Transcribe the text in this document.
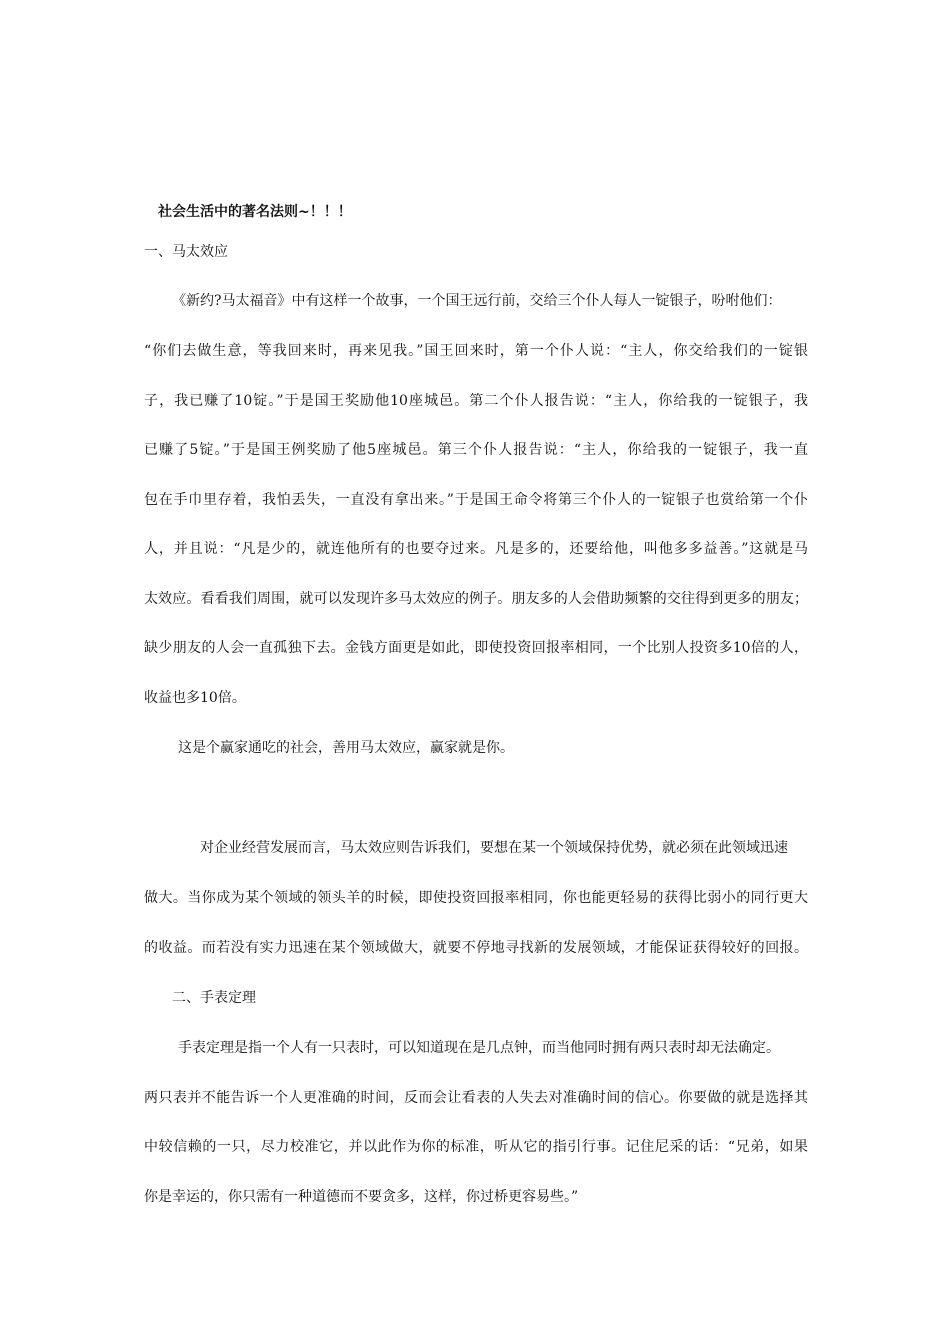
社会生活中的著名法则~！！！
一、马太效应
《新约?马太福音》中有这样一个故事，一个国王远行前，交给三个仆人每人一锭银子，吩咐他们：
“你们去做生意，等我回来时，再来见我。”国王回来时，第一个仆人说：“主人，你交给我们的一锭银
子，我已赚了10锭。”于是国王奖励他10座城邑。第二个仆人报告说：“主人，你给我的一锭银子，我
已赚了5锭。”于是国王例奖励了他5座城邑。第三个仆人报告说：“主人，你给我的一锭银子，我一直
包在手巾里存着，我怕丢失，一直没有拿出来。”于是国王命令将第三个仆人的一锭银子也赏给第一个仆
人，并且说：“凡是少的，就连他所有的也要夺过来。凡是多的，还要给他，叫他多多益善。”这就是马
太效应。看看我们周围，就可以发现许多马太效应的例子。朋友多的人会借助频繁的交往得到更多的朋友；
缺少朋友的人会一直孤独下去。金钱方面更是如此，即使投资回报率相同，一个比别人投资多10倍的人，
收益也多10倍。
这是个赢家通吃的社会，善用马太效应，赢家就是你。
对企业经营发展而言，马太效应则告诉我们，要想在某一个领域保持优势，就必须在此领域迅速
做大。当你成为某个领域的领头羊的时候，即使投资回报率相同，你也能更轻易的获得比弱小的同行更大
的收益。而若没有实力迅速在某个领域做大，就要不停地寻找新的发展领域，才能保证获得较好的回报。
二、手表定理
手表定理是指一个人有一只表时，可以知道现在是几点钟，而当他同时拥有两只表时却无法确定。
两只表并不能告诉一个人更准确的时间，反而会让看表的人失去对准确时间的信心。你要做的就是选择其
中较信赖的一只，尽力校准它，并以此作为你的标准，听从它的指引行事。记住尼采的话：“兄弟，如果
你是幸运的，你只需有一种道德而不要贪多，这样，你过桥更容易些。”
